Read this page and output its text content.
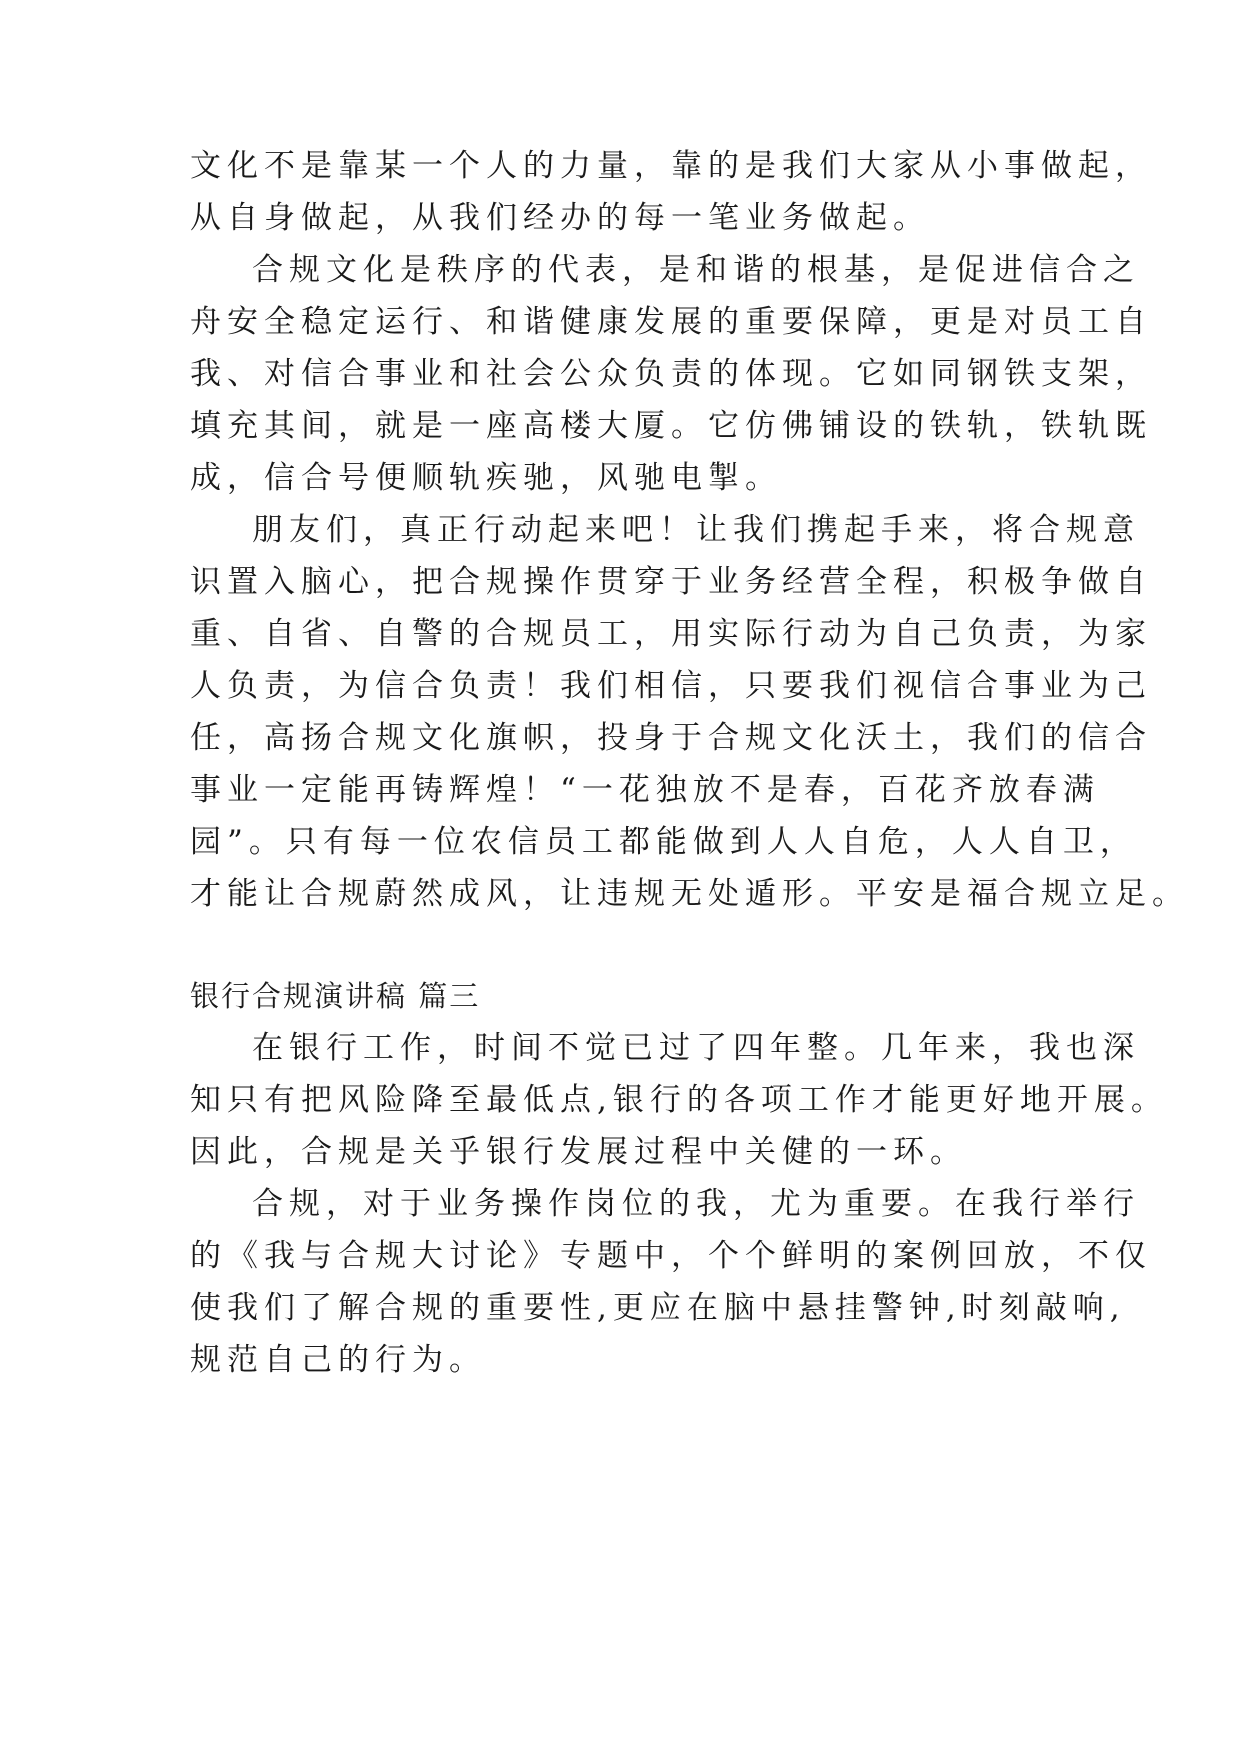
文化不是靠某一个人的力量，靠的是我们大家从小事做起，
从自身做起，从我们经办的每一笔业务做起。
合规文化是秩序的代表，是和谐的根基，是促进信合之
舟安全稳定运行、和谐健康发展的重要保障，更是对员工自
我、对信合事业和社会公众负责的体现。它如同钢铁支架，
填充其间，就是一座高楼大厦。它仿佛铺设的铁轨，铁轨既
成，信合号便顺轨疾驰，风驰电掣。
朋友们，真正行动起来吧！让我们携起手来，将合规意
识置入脑心，把合规操作贯穿于业务经营全程，积极争做自
重、自省、自警的合规员工，用实际行动为自己负责，为家
人负责，为信合负责！我们相信，只要我们视信合事业为己
任，高扬合规文化旗帜，投身于合规文化沃土，我们的信合
事业一定能再铸辉煌！“一花独放不是春，百花齐放春满
园”。只有每一位农信员工都能做到人人自危，人人自卫，
才能让合规蔚然成风，让违规无处遁形。平安是福合规立足。
银行合规演讲稿 篇三
在银行工作，时间不觉已过了四年整。几年来，我也深
知只有把风险降至最低点,银行的各项工作才能更好地开展。
因此，合规是关乎银行发展过程中关健的一环。
合规，对于业务操作岗位的我，尤为重要。在我行举行
的《我与合规大讨论》专题中，个个鲜明的案例回放，不仅
使我们了解合规的重要性,更应在脑中悬挂警钟,时刻敲响,
规范自己的行为。
